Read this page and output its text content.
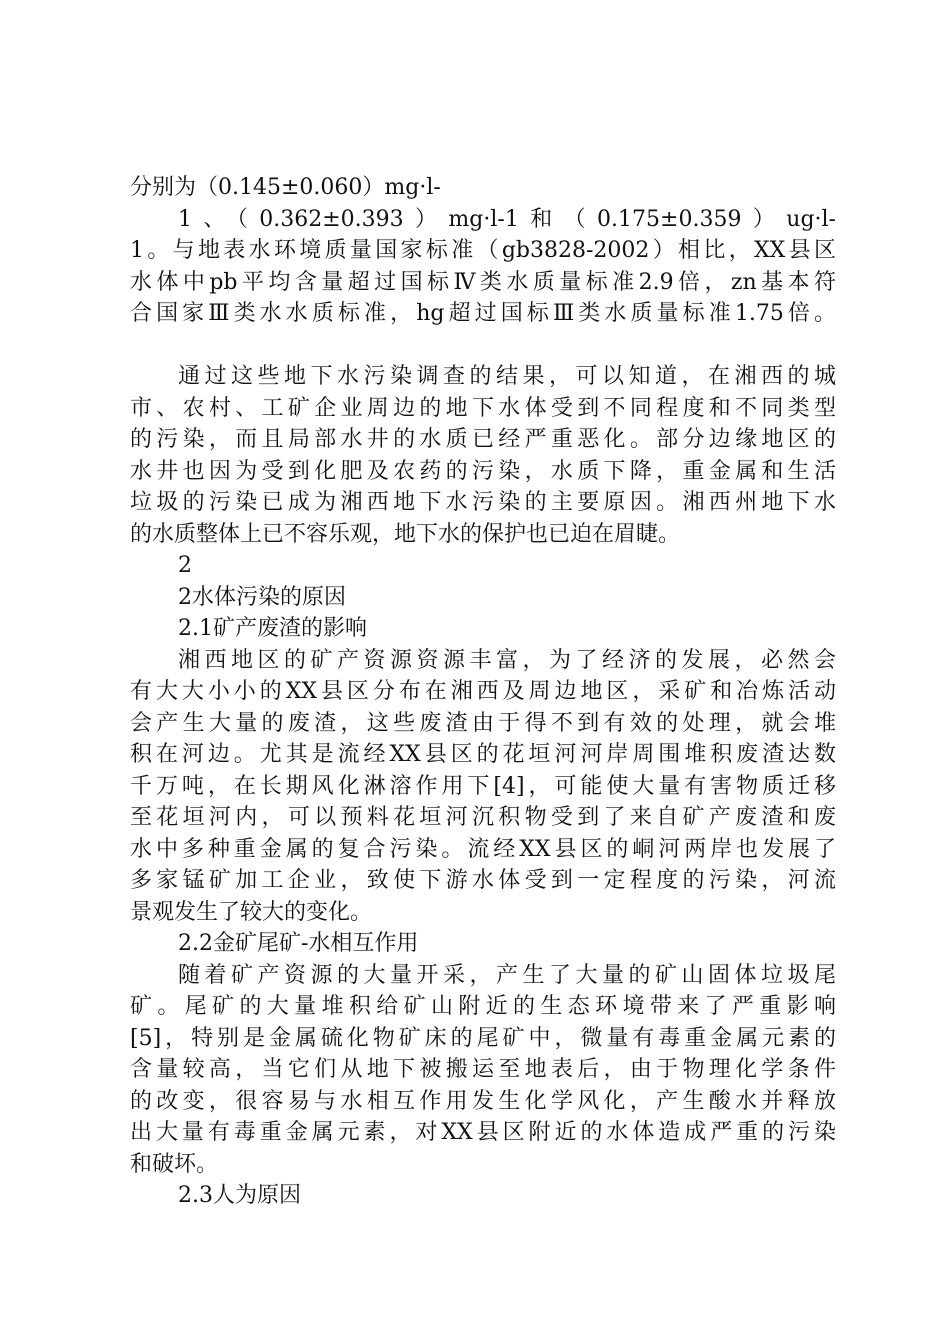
分别为（0.145±0.060）mg·l-
1、（0.362±0.393）mg·l-1和（0.175±0.359）ug·l-
1。与地表水环境质量国家标准（gb3828-2002）相比，XX县区
水体中pb平均含量超过国标Ⅳ类水质量标准2.9倍，zn基本符
合国家Ⅲ类水水质标准，hg超过国标Ⅲ类水质量标准1.75倍。
通过这些地下水污染调查的结果，可以知道，在湘西的城
市、农村、工矿企业周边的地下水体受到不同程度和不同类型
的污染，而且局部水井的水质已经严重恶化。部分边缘地区的
水井也因为受到化肥及农药的污染，水质下降，重金属和生活
垃圾的污染已成为湘西地下水污染的主要原因。湘西州地下水
的水质整体上已不容乐观，地下水的保护也已迫在眉睫。
2
2水体污染的原因
2.1矿产废渣的影响
湘西地区的矿产资源资源丰富，为了经济的发展，必然会
有大大小小的XX县区分布在湘西及周边地区，采矿和冶炼活动
会产生大量的废渣，这些废渣由于得不到有效的处理，就会堆
积在河边。尤其是流经XX县区的花垣河河岸周围堆积废渣达数
千万吨，在长期风化淋溶作用下[4]，可能使大量有害物质迁移
至花垣河内，可以预料花垣河沉积物受到了来自矿产废渣和废
水中多种重金属的复合污染。流经XX县区的峒河两岸也发展了
多家锰矿加工企业，致使下游水体受到一定程度的污染，河流
景观发生了较大的变化。
2.2金矿尾矿-水相互作用
随着矿产资源的大量开采，产生了大量的矿山固体垃圾尾
矿。尾矿的大量堆积给矿山附近的生态环境带来了严重影响
[5]，特别是金属硫化物矿床的尾矿中，微量有毒重金属元素的
含量较高，当它们从地下被搬运至地表后，由于物理化学条件
的改变，很容易与水相互作用发生化学风化，产生酸水并释放
出大量有毒重金属元素，对XX县区附近的水体造成严重的污染
和破坏。
2.3人为原因
